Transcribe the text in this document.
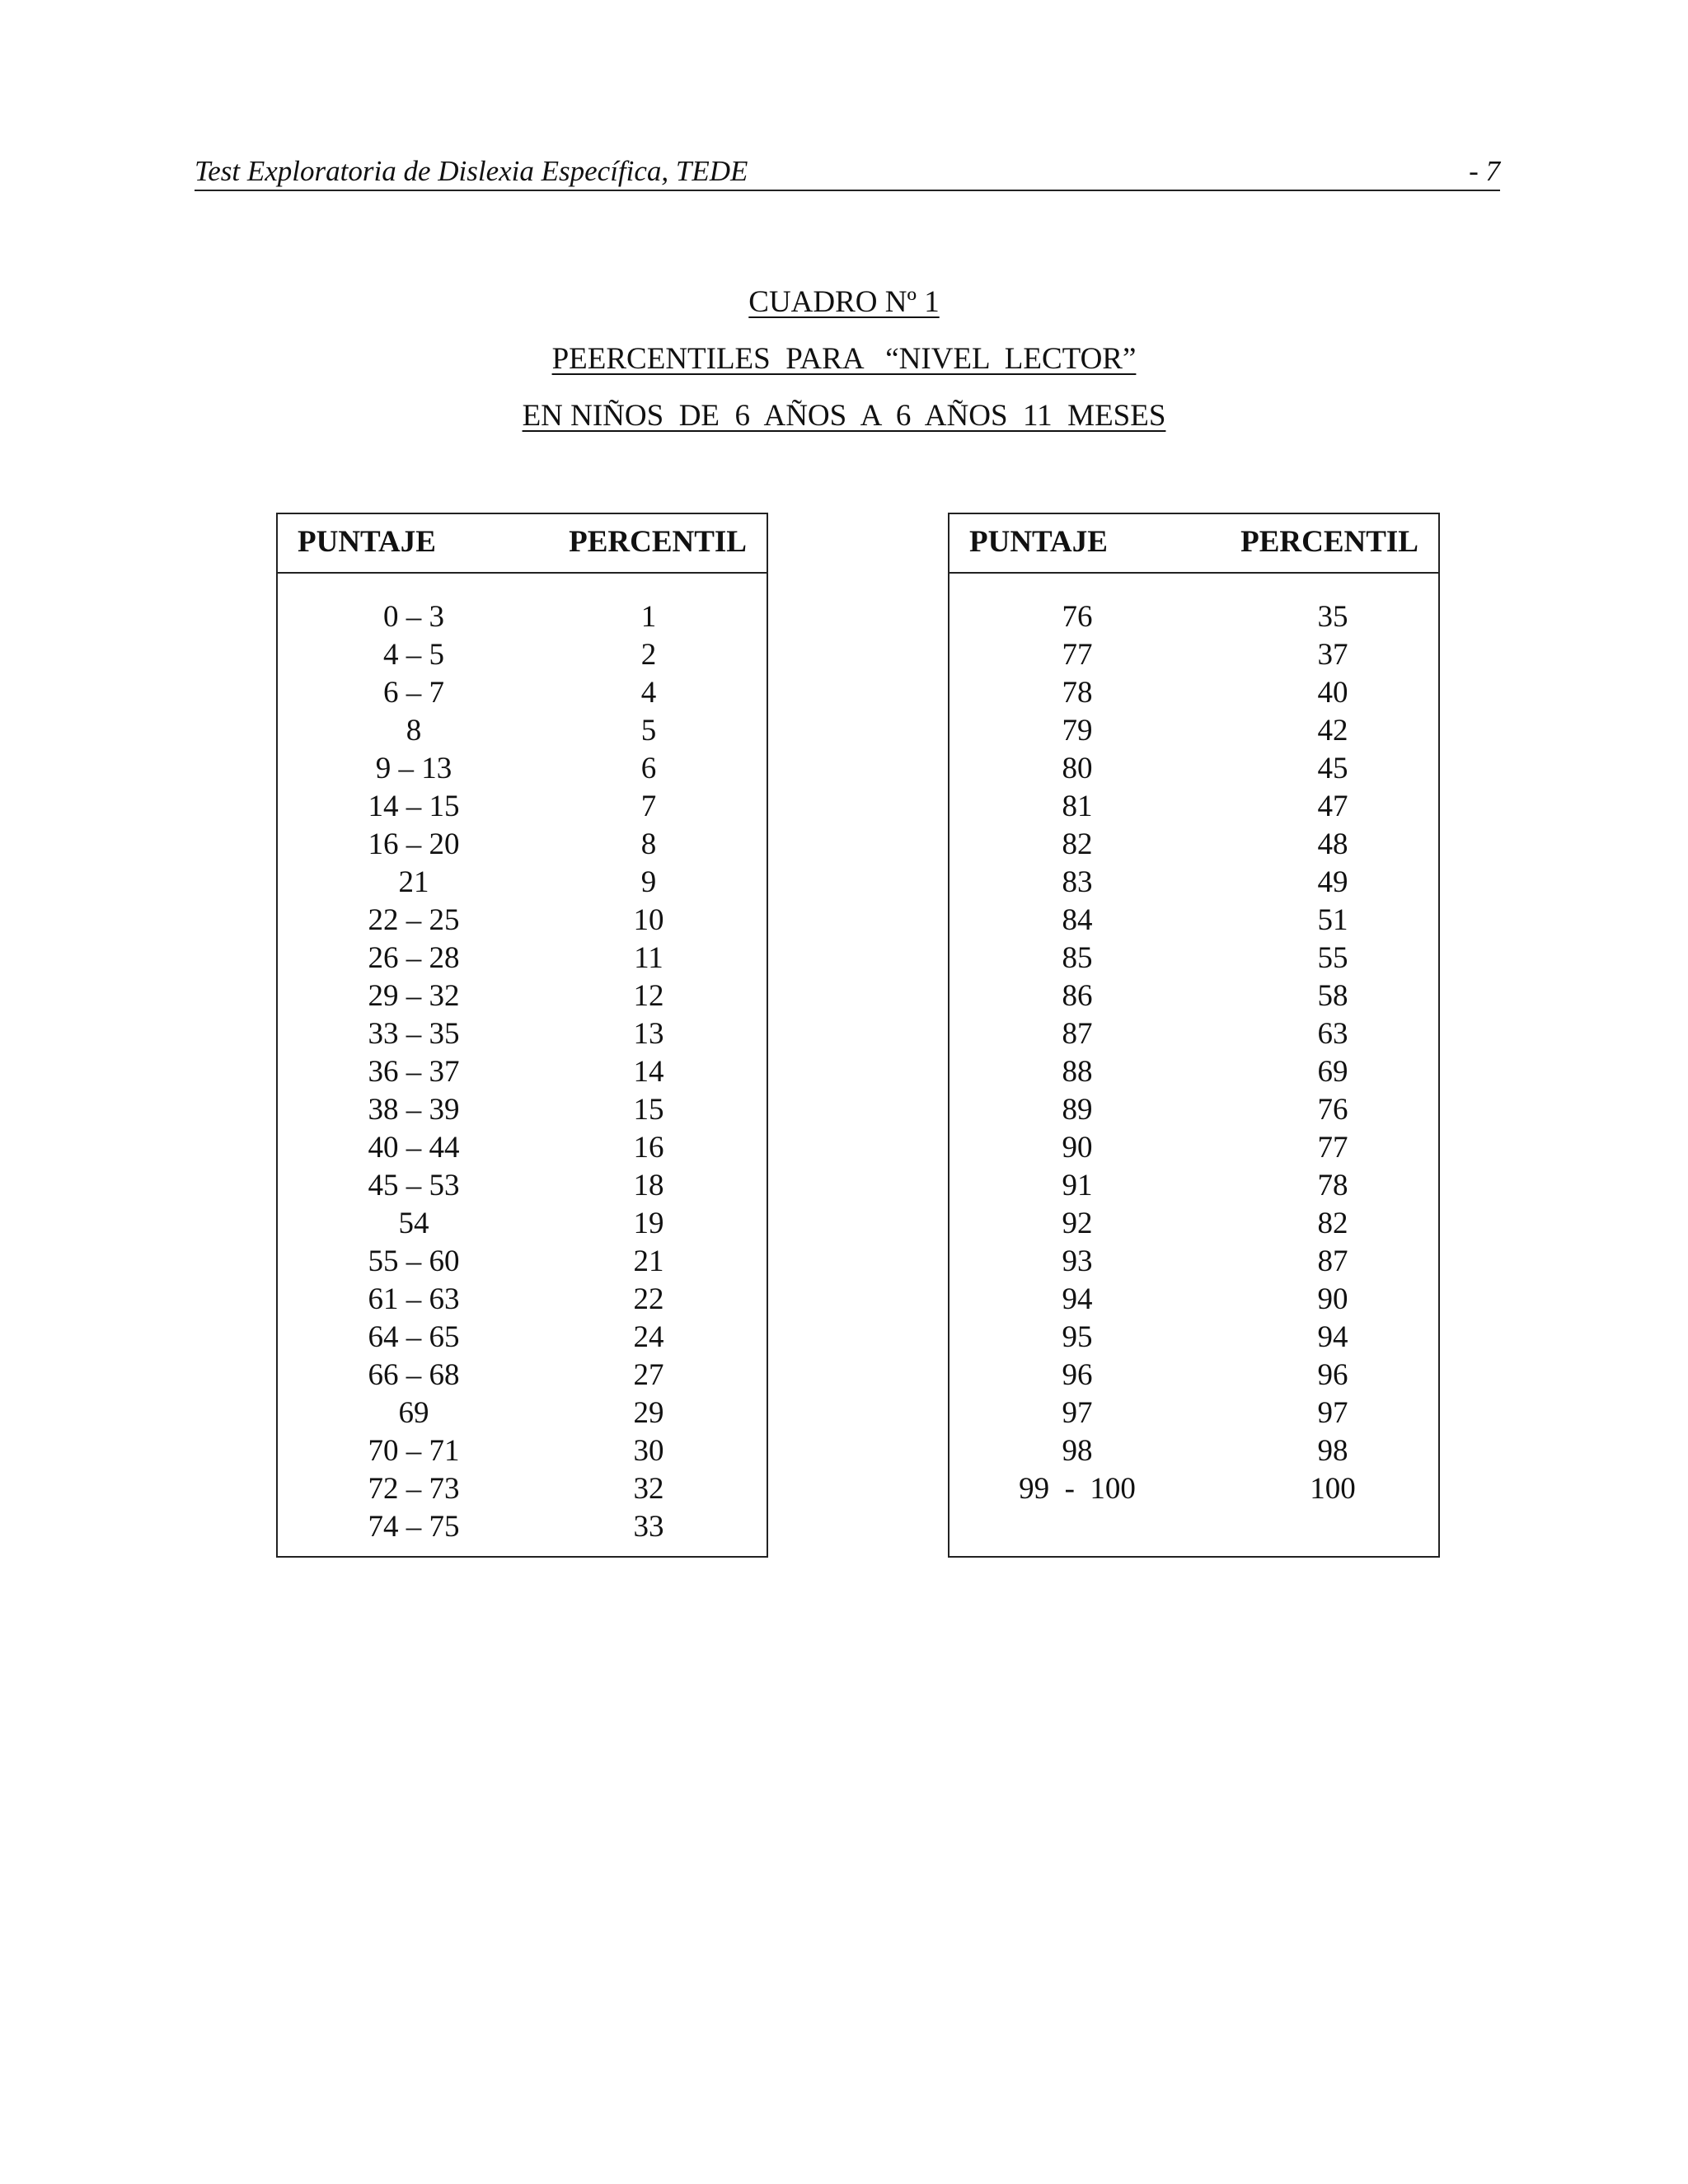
Test Exploratoria de Dislexia Específica, TEDE	- 7
CUADRO Nº 1
PEERCENTILES  PARA   “NIVEL  LECTOR”
EN NIÑOS  DE  6  AÑOS  A  6  AÑOS  11  MESES
PUNTAJE	PERCENTIL
0 – 3	1
4 – 5	2
6 – 7	4
8	5
9 – 13	6
14 – 15	7
16 – 20	8
21	9
22 – 25	10
26 – 28	11
29 – 32	12
33 – 35	13
36 – 37	14
38 – 39	15
40 – 44	16
45 – 53	18
54	19
55 – 60	21
61 – 63	22
64 – 65	24
66 – 68	27
69	29
70 – 71	30
72 – 73	32
74 – 75	33
PUNTAJE	PERCENTIL
76	35
77	37
78	40
79	42
80	45
81	47
82	48
83	49
84	51
85	55
86	58
87	63
88	69
89	76
90	77
91	78
92	82
93	87
94	90
95	94
96	96
97	97
98	98
99  -  100	100
